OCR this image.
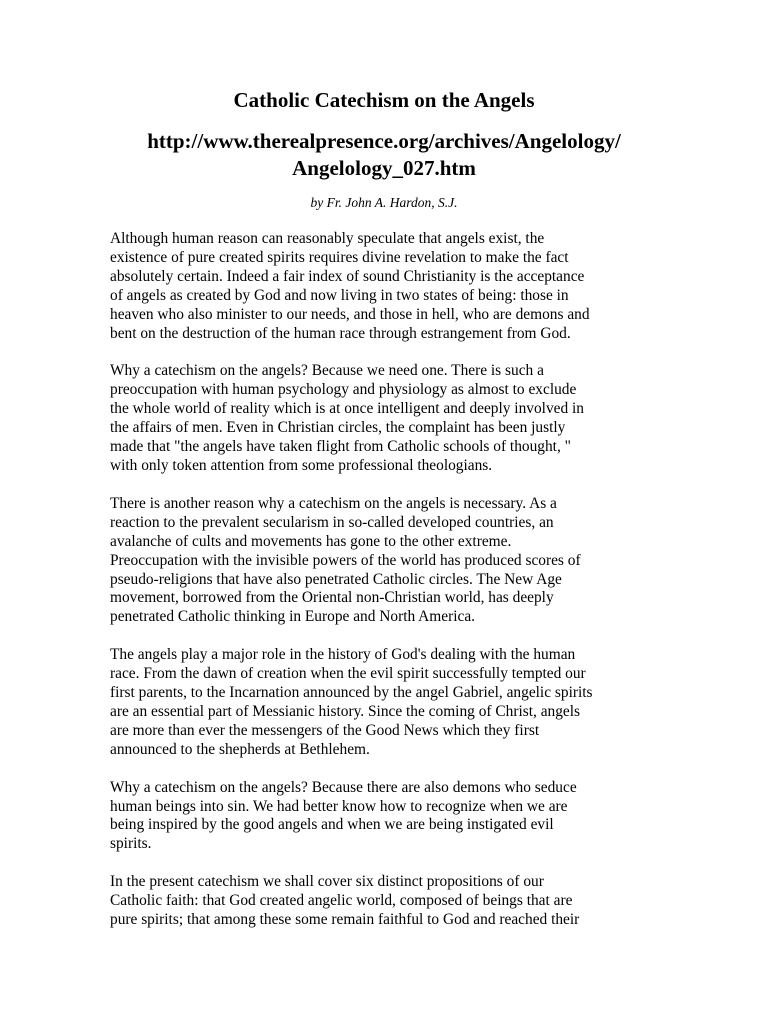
Catholic Catechism on the Angels
http://www.therealpresence.org/archives/Angelology/
Angelology_027.htm
by Fr. John A. Hardon, S.J.

Although human reason can reasonably speculate that angels exist, the
existence of pure created spirits requires divine revelation to make the fact
absolutely certain. Indeed a fair index of sound Christianity is the acceptance
of angels as created by God and now living in two states of being: those in
heaven who also minister to our needs, and those in hell, who are demons and
bent on the destruction of the human race through estrangement from God.

Why a catechism on the angels? Because we need one. There is such a
preoccupation with human psychology and physiology as almost to exclude
the whole world of reality which is at once intelligent and deeply involved in
the affairs of men. Even in Christian circles, the complaint has been justly
made that "the angels have taken flight from Catholic schools of thought, "
with only token attention from some professional theologians.

There is another reason why a catechism on the angels is necessary. As a
reaction to the prevalent secularism in so-called developed countries, an
avalanche of cults and movements has gone to the other extreme.
Preoccupation with the invisible powers of the world has produced scores of
pseudo-religions that have also penetrated Catholic circles. The New Age
movement, borrowed from the Oriental non-Christian world, has deeply
penetrated Catholic thinking in Europe and North America.

The angels play a major role in the history of God's dealing with the human
race. From the dawn of creation when the evil spirit successfully tempted our
first parents, to the Incarnation announced by the angel Gabriel, angelic spirits
are an essential part of Messianic history. Since the coming of Christ, angels
are more than ever the messengers of the Good News which they first
announced to the shepherds at Bethlehem.

Why a catechism on the angels? Because there are also demons who seduce
human beings into sin. We had better know how to recognize when we are
being inspired by the good angels and when we are being instigated evil
spirits.

In the present catechism we shall cover six distinct propositions of our
Catholic faith: that God created angelic world, composed of beings that are
pure spirits; that among these some remain faithful to God and reached their
